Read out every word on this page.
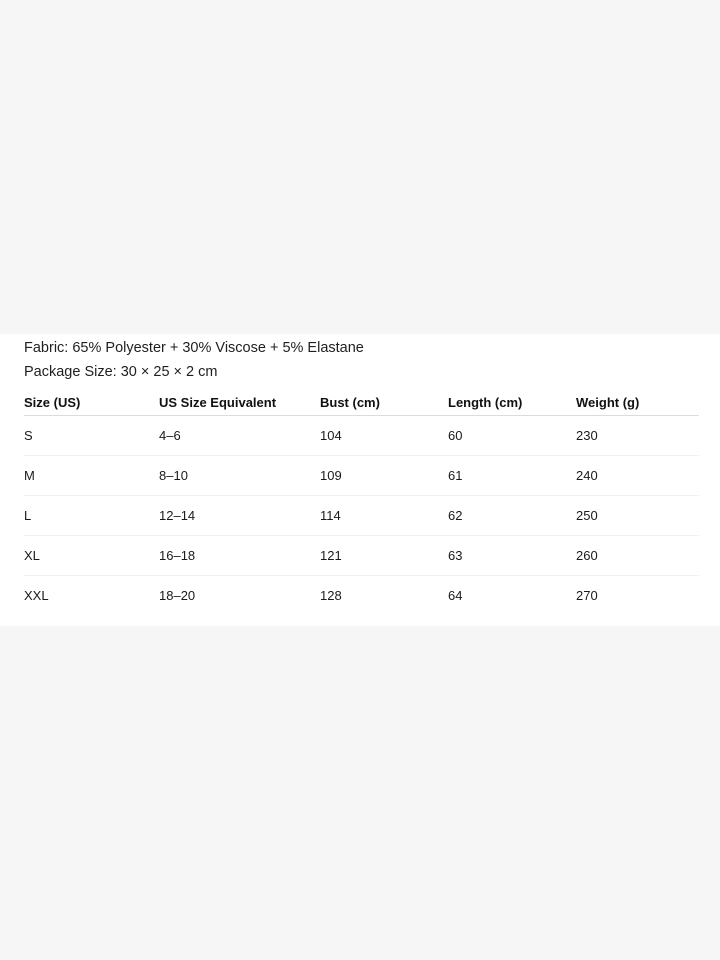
Fabric: 65% Polyester + 30% Viscose + 5% Elastane
Package Size: 30 × 25 × 2 cm
Size (US)	US Size Equivalent	Bust (cm)	Length (cm)	Weight (g)
S	4–6	104	60	230
M	8–10	109	61	240
L	12–14	114	62	250
XL	16–18	121	63	260
XXL	18–20	128	64	270
